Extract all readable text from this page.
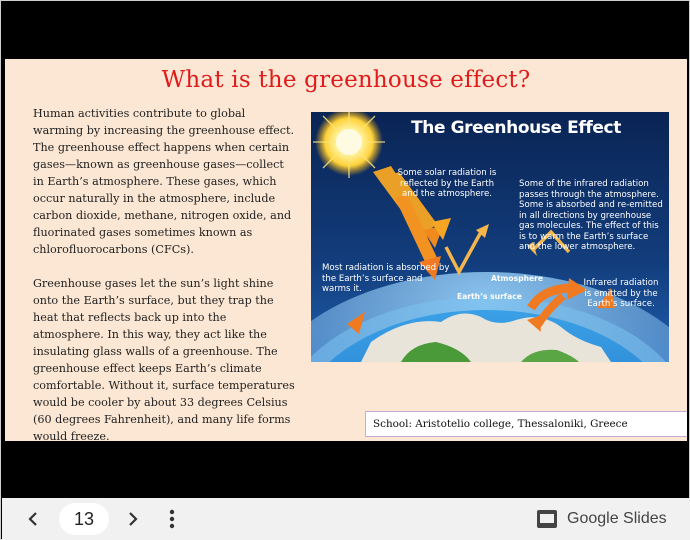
What is the greenhouse effect?

Human activities contribute to global warming by increasing the greenhouse effect. The greenhouse effect happens when certain gases—known as greenhouse gases—collect in Earth’s atmosphere. These gases, which occur naturally in the atmosphere, include carbon dioxide, methane, nitrogen oxide, and fluorinated gases sometimes known as chlorofluorocarbons (CFCs).

Greenhouse gases let the sun’s light shine onto the Earth’s surface, but they trap the heat that reflects back up into the atmosphere. In this way, they act like the insulating glass walls of a greenhouse. The greenhouse effect keeps Earth’s climate comfortable. Without it, surface temperatures would be cooler by about 33 degrees Celsius (60 degrees Fahrenheit), and many life forms would freeze.

The Greenhouse Effect
Some solar radiation is reflected by the Earth and the atmosphere.
Some of the infrared radiation passes through the atmosphere. Some is absorbed and re-emitted in all directions by greenhouse gas molecules. The effect of this is to warm the Earth’s surface and the lower atmosphere.
Most radiation is absorbed by the Earth’s surface and warms it.
Infrared radiation is emitted by the Earth’s surface.
Atmosphere
Earth’s surface
School: Aristotelio college, Thessaloniki, Greece
13	Google Slides
